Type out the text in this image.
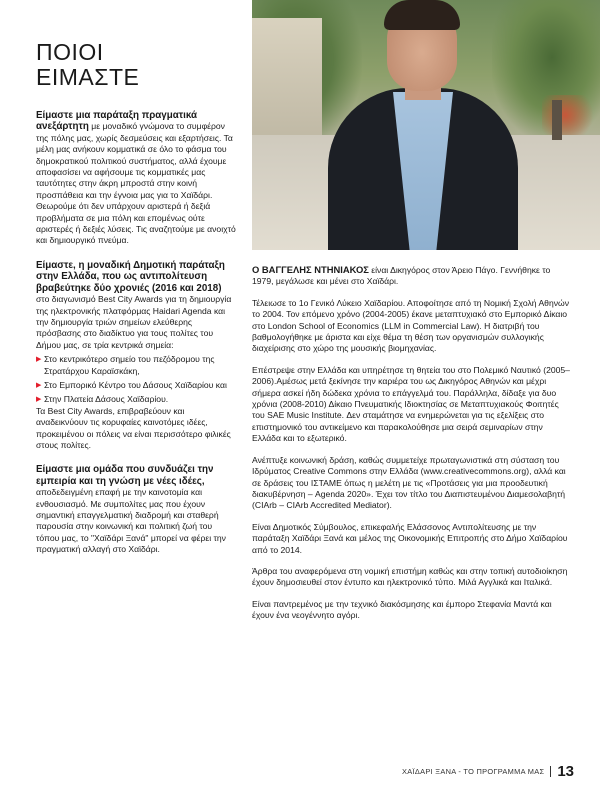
ΠΟΙΟΙ
ΕΙΜΑΣΤΕ
Είμαστε μια παράταξη πραγματικά ανεξάρτητη με μοναδικό γνώμονα το συμφέρον της πόλης μας, χωρίς δεσμεύσεις και εξαρτήσεις. Τα μέλη μας ανήκουν κομματικά σε όλο το φάσμα του δημοκρατικού πολιτικού συστήματος, αλλά έχουμε αποφασίσει να αφήσουμε τις κομματικές μας ταυτότητες στην άκρη μπροστά στην κοινή προσπάθεια και την έγνοια μας για το Χαϊδάρι. Θεωρούμε ότι δεν υπάρχουν αριστερά ή δεξιά προβλήματα σε μια πόλη και επομένως ούτε αριστερές ή δεξιές λύσεις. Τις αναζητούμε με ανοιχτό και δημιουργικό πνεύμα.
Είμαστε, η μοναδική Δημοτική παράταξη στην Ελλάδα, που ως αντιπολίτευση βραβεύτηκε δύο χρονιές (2016 και 2018) στο διαγωνισμό Best City Awards για τη δημιουργία της ηλεκτρονικής πλατφόρμας Haidari Agenda και την δημιουργία τριών σημείων ελεύθερης πρόσβασης στο διαδίκτυο για τους πολίτες του Δήμου μας, σε τρία κεντρικά σημεία:
▶ Στο κεντρικότερο σημείο του πεζόδρομου της Στρατάρχου Καραϊσκάκη,
▶ Στο Εμπορικό Κέντρο του Δάσους Χαϊδαρίου και
▶ Στην Πλατεία Δάσους Χαϊδαρίου.
Τα Best City Awards, επιβραβεύουν και αναδεικνύουν τις κορυφαίες καινοτόμες ιδέες, προκειμένου οι πόλεις να είναι περισσότερο φιλικές στους πολίτες.
Είμαστε μια ομάδα που συνδυάζει την εμπειρία και τη γνώση με νέες ιδέες, αποδεδειγμένη επαφή με την καινοτομία και ενθουσιασμό. Με συμπολίτες μας που έχουν σημαντική επαγγελματική διαδρομή και σταθερή παρουσία στην κοινωνική και πολιτική ζωή του τόπου μας, το "Χαϊδάρι Ξανά" μπορεί να φέρει την πραγματική αλλαγή στο Χαϊδάρι.

Ο ΒΑΓΓΕΛΗΣ ΝΤΗΝΙΑΚΟΣ είναι Δικηγόρος στον Άρειο Πάγο. Γεννήθηκε το 1979, μεγάλωσε και μένει στο Χαϊδάρι.

Τέλειωσε το 1ο Γενικό Λύκειο Χαϊδαρίου. Αποφοίτησε από τη Νομική Σχολή Αθηνών το 2004. Τον επόμενο χρόνο (2004-2005) έκανε μεταπτυχιακό στο Εμπορικό Δίκαιο στο London School of Economics (LLM in Commercial Law). Η διατριβή του βαθμολογήθηκε με άριστα και είχε θέμα τη θέση των οργανισμών συλλογικής διαχείρισης στο χώρο της μουσικής βιομηχανίας.

Επέστρεψε στην Ελλάδα και υπηρέτησε τη θητεία του στο Πολεμικό Ναυτικό (2005–2006).Αμέσως μετά ξεκίνησε την καριέρα του ως Δικηγόρος Αθηνών και μέχρι σήμερα ασκεί ήδη δώδεκα χρόνια το επάγγελμά του. Παράλληλα, δίδαξε για δυο χρόνια (2008-2010) Δίκαιο Πνευματικής Ιδιοκτησίας σε Μεταπτυχιακούς Φοιτητές του SAE Music Institute. Δεν σταμάτησε να ενημερώνεται για τις εξελίξεις στο επιστημονικό του αντικείμενο και παρακολούθησε μια σειρά σεμιναρίων στην Ελλάδα και το εξωτερικό.

Ανέπτυξε κοινωνική δράση, καθώς συμμετείχε πρωταγωνιστικά στη σύσταση του Ιδρύματος Creative Commons στην Ελλάδα (www.creativecommons.org), αλλά και σε δράσεις του ΙΣΤΑΜΕ όπως η μελέτη με τις «Προτάσεις για μια προοδευτική διακυβέρνηση – Agenda 2020». Έχει τον τίτλο του Διαπιστευμένου Διαμεσολαβητή (CIArb – CIArb Accredited Mediator).

Είναι Δημοτικός Σύμβουλος, επικεφαλής Ελάσσονος Αντιπολίτευσης με την παράταξη Χαϊδάρι Ξανά και μέλος της Οικονομικής Επιτροπής στο Δήμο Χαϊδαρίου από το 2014.

Άρθρα του αναφερόμενα στη νομική επιστήμη καθώς και στην τοπική αυτοδιοίκηση έχουν δημοσιευθεί στον έντυπο και ηλεκτρονικό τύπο. Μιλά Αγγλικά και Ιταλικά.

Είναι παντρεμένος με την τεχνικό διακόσμησης και έμπορο Στεφανία Μαντά και έχουν ένα νεογέννητο αγόρι.

ΧΑΪΔΑΡΙ ΞΑΝΑ - ΤΟ ΠΡΟΓΡΑΜΜΑ ΜΑΣ 13
